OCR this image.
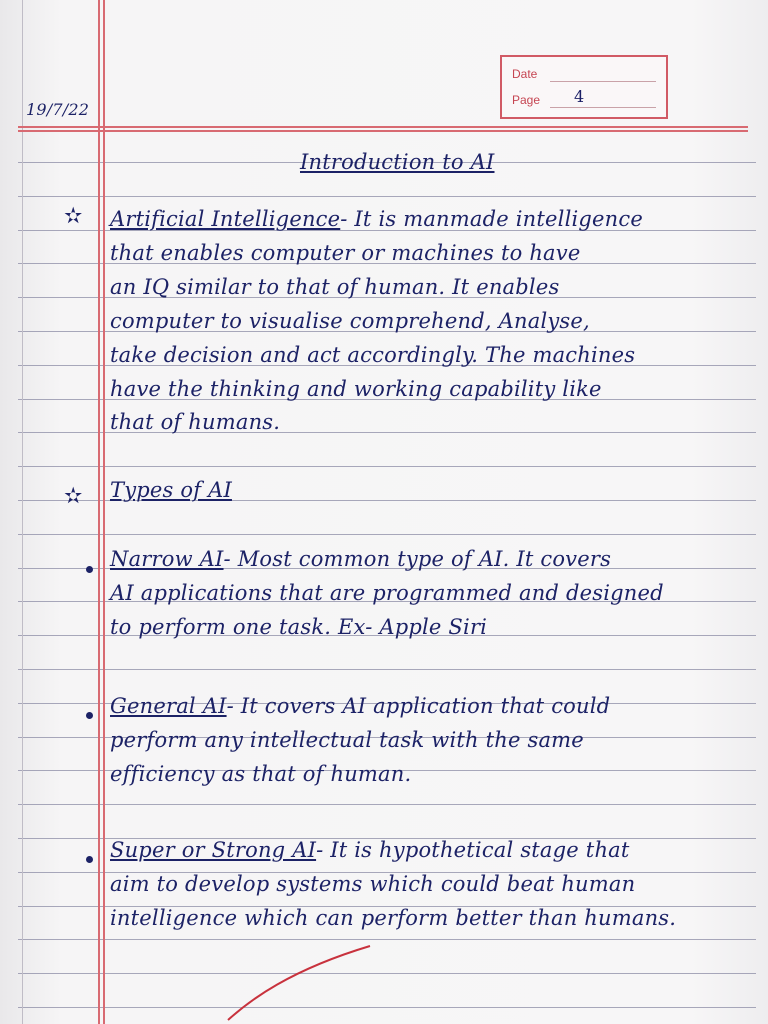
Date
Page	4
19/7/22
Introduction to AI
✫ Artificial Intelligence- It is manmade intelligence
that enables computer or machines to have
an IQ similar to that of human. It enables
computer to visualise comprehend, Analyse,
take decision and act accordingly. The machines
have the thinking and working capability like
that of humans.
✫ Types of AI
Narrow AI- Most common type of AI. It covers
AI applications that are programmed and designed
to perform one task. Ex- Apple Siri
General AI- It covers AI application that could
perform any intellectual task with the same
efficiency as that of human.
Super or Strong AI- It is hypothetical stage that
aim to develop systems which could beat human
intelligence which can perform better than humans.
